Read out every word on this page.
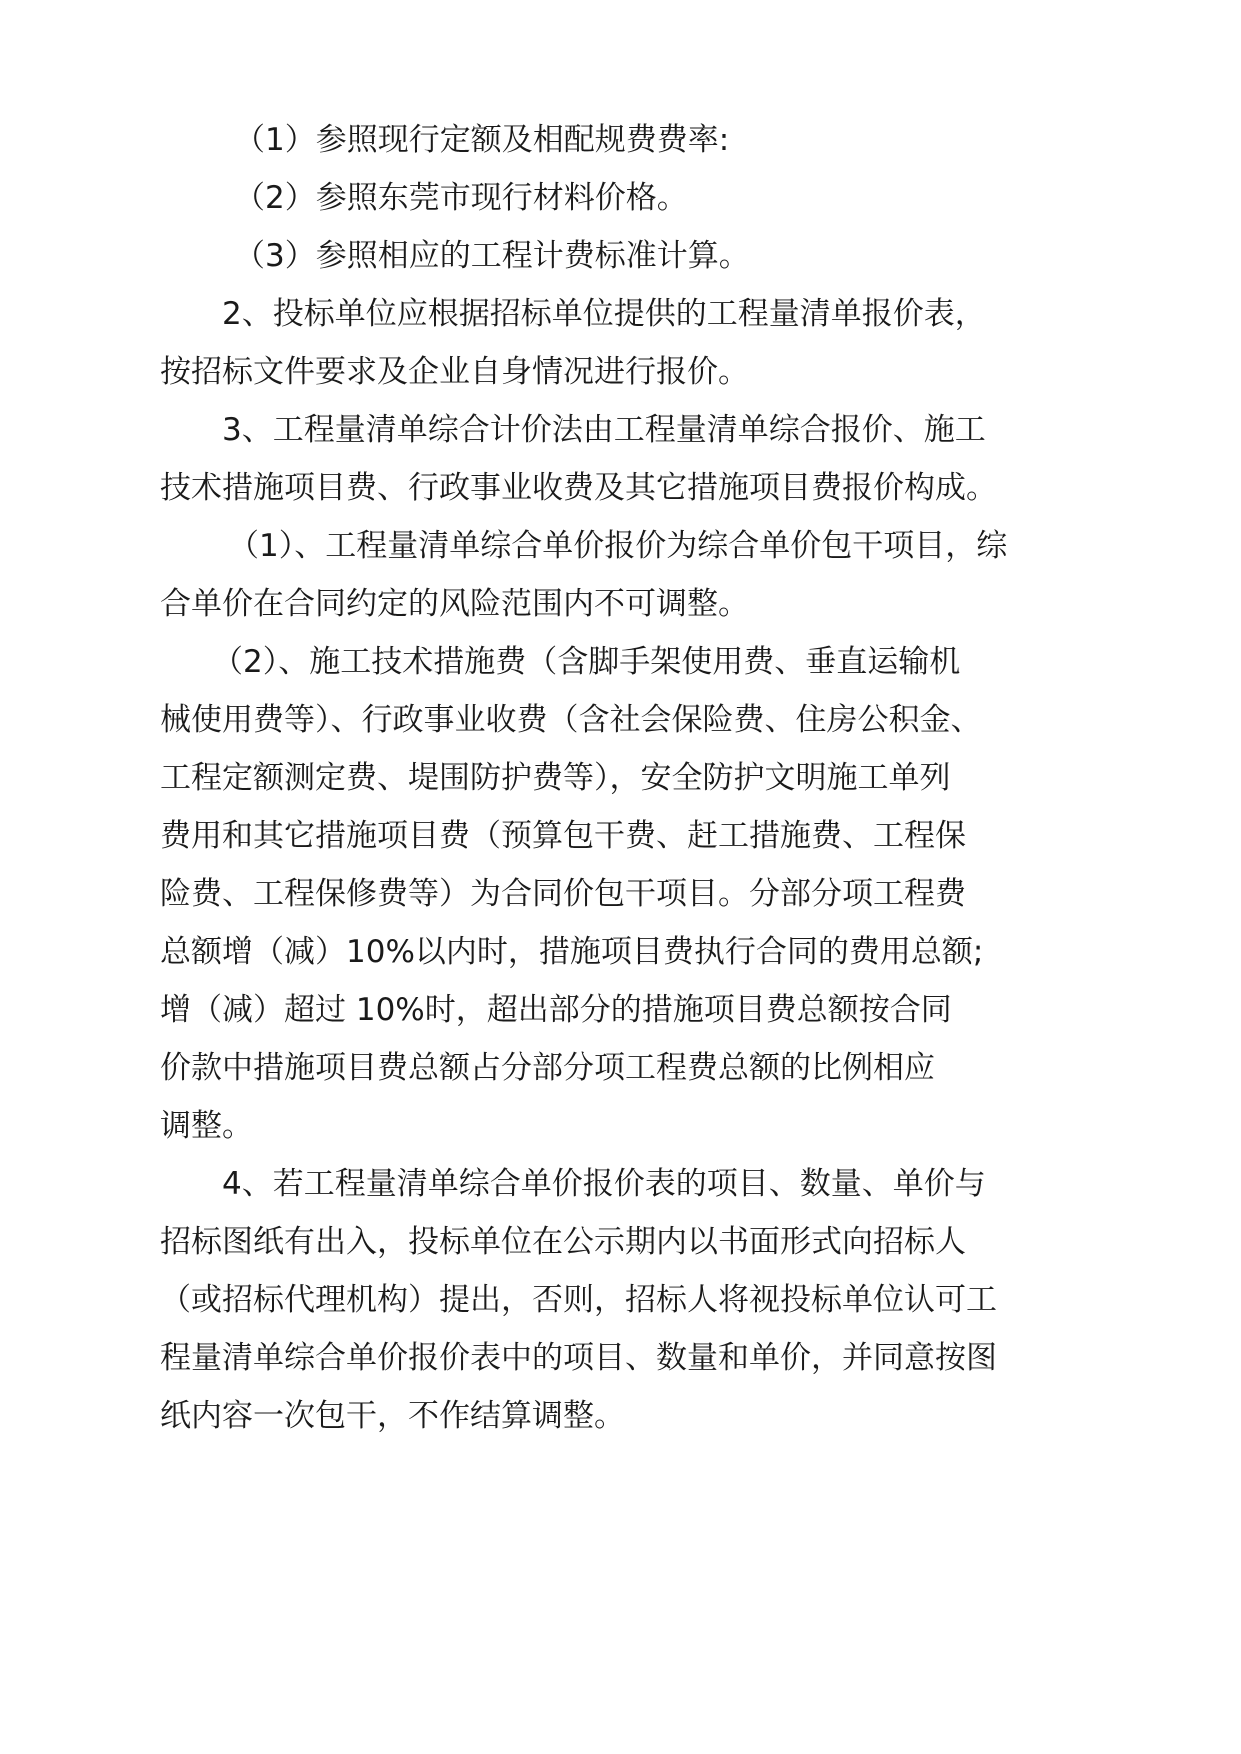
（1）参照现行定额及相配规费费率:

（2）参照东莞市现行材料价格。

（3）参照相应的工程计费标准计算。

2、投标单位应根据招标单位提供的工程量清单报价表，

按招标文件要求及企业自身情况进行报价。

3、工程量清单综合计价法由工程量清单综合报价、施工

技术措施项目费、行政事业收费及其它措施项目费报价构成。

（1）、工程量清单综合单价报价为综合单价包干项目，综

合单价在合同约定的风险范围内不可调整。

（2）、施工技术措施费（含脚手架使用费、垂直运输机

械使用费等）、行政事业收费（含社会保险费、住房公积金、

工程定额测定费、堤围防护费等），安全防护文明施工单列

费用和其它措施项目费（预算包干费、赶工措施费、工程保

险费、工程保修费等）为合同价包干项目。分部分项工程费

总额增（减）10%以内时，措施项目费执行合同的费用总额;

增（减）超过 10%时，超出部分的措施项目费总额按合同

价款中措施项目费总额占分部分项工程费总额的比例相应

调整。

4、若工程量清单综合单价报价表的项目、数量、单价与

招标图纸有出入，投标单位在公示期内以书面形式向招标人

（或招标代理机构）提出，否则，招标人将视投标单位认可工

程量清单综合单价报价表中的项目、数量和单价，并同意按图

纸内容一次包干，不作结算调整。
